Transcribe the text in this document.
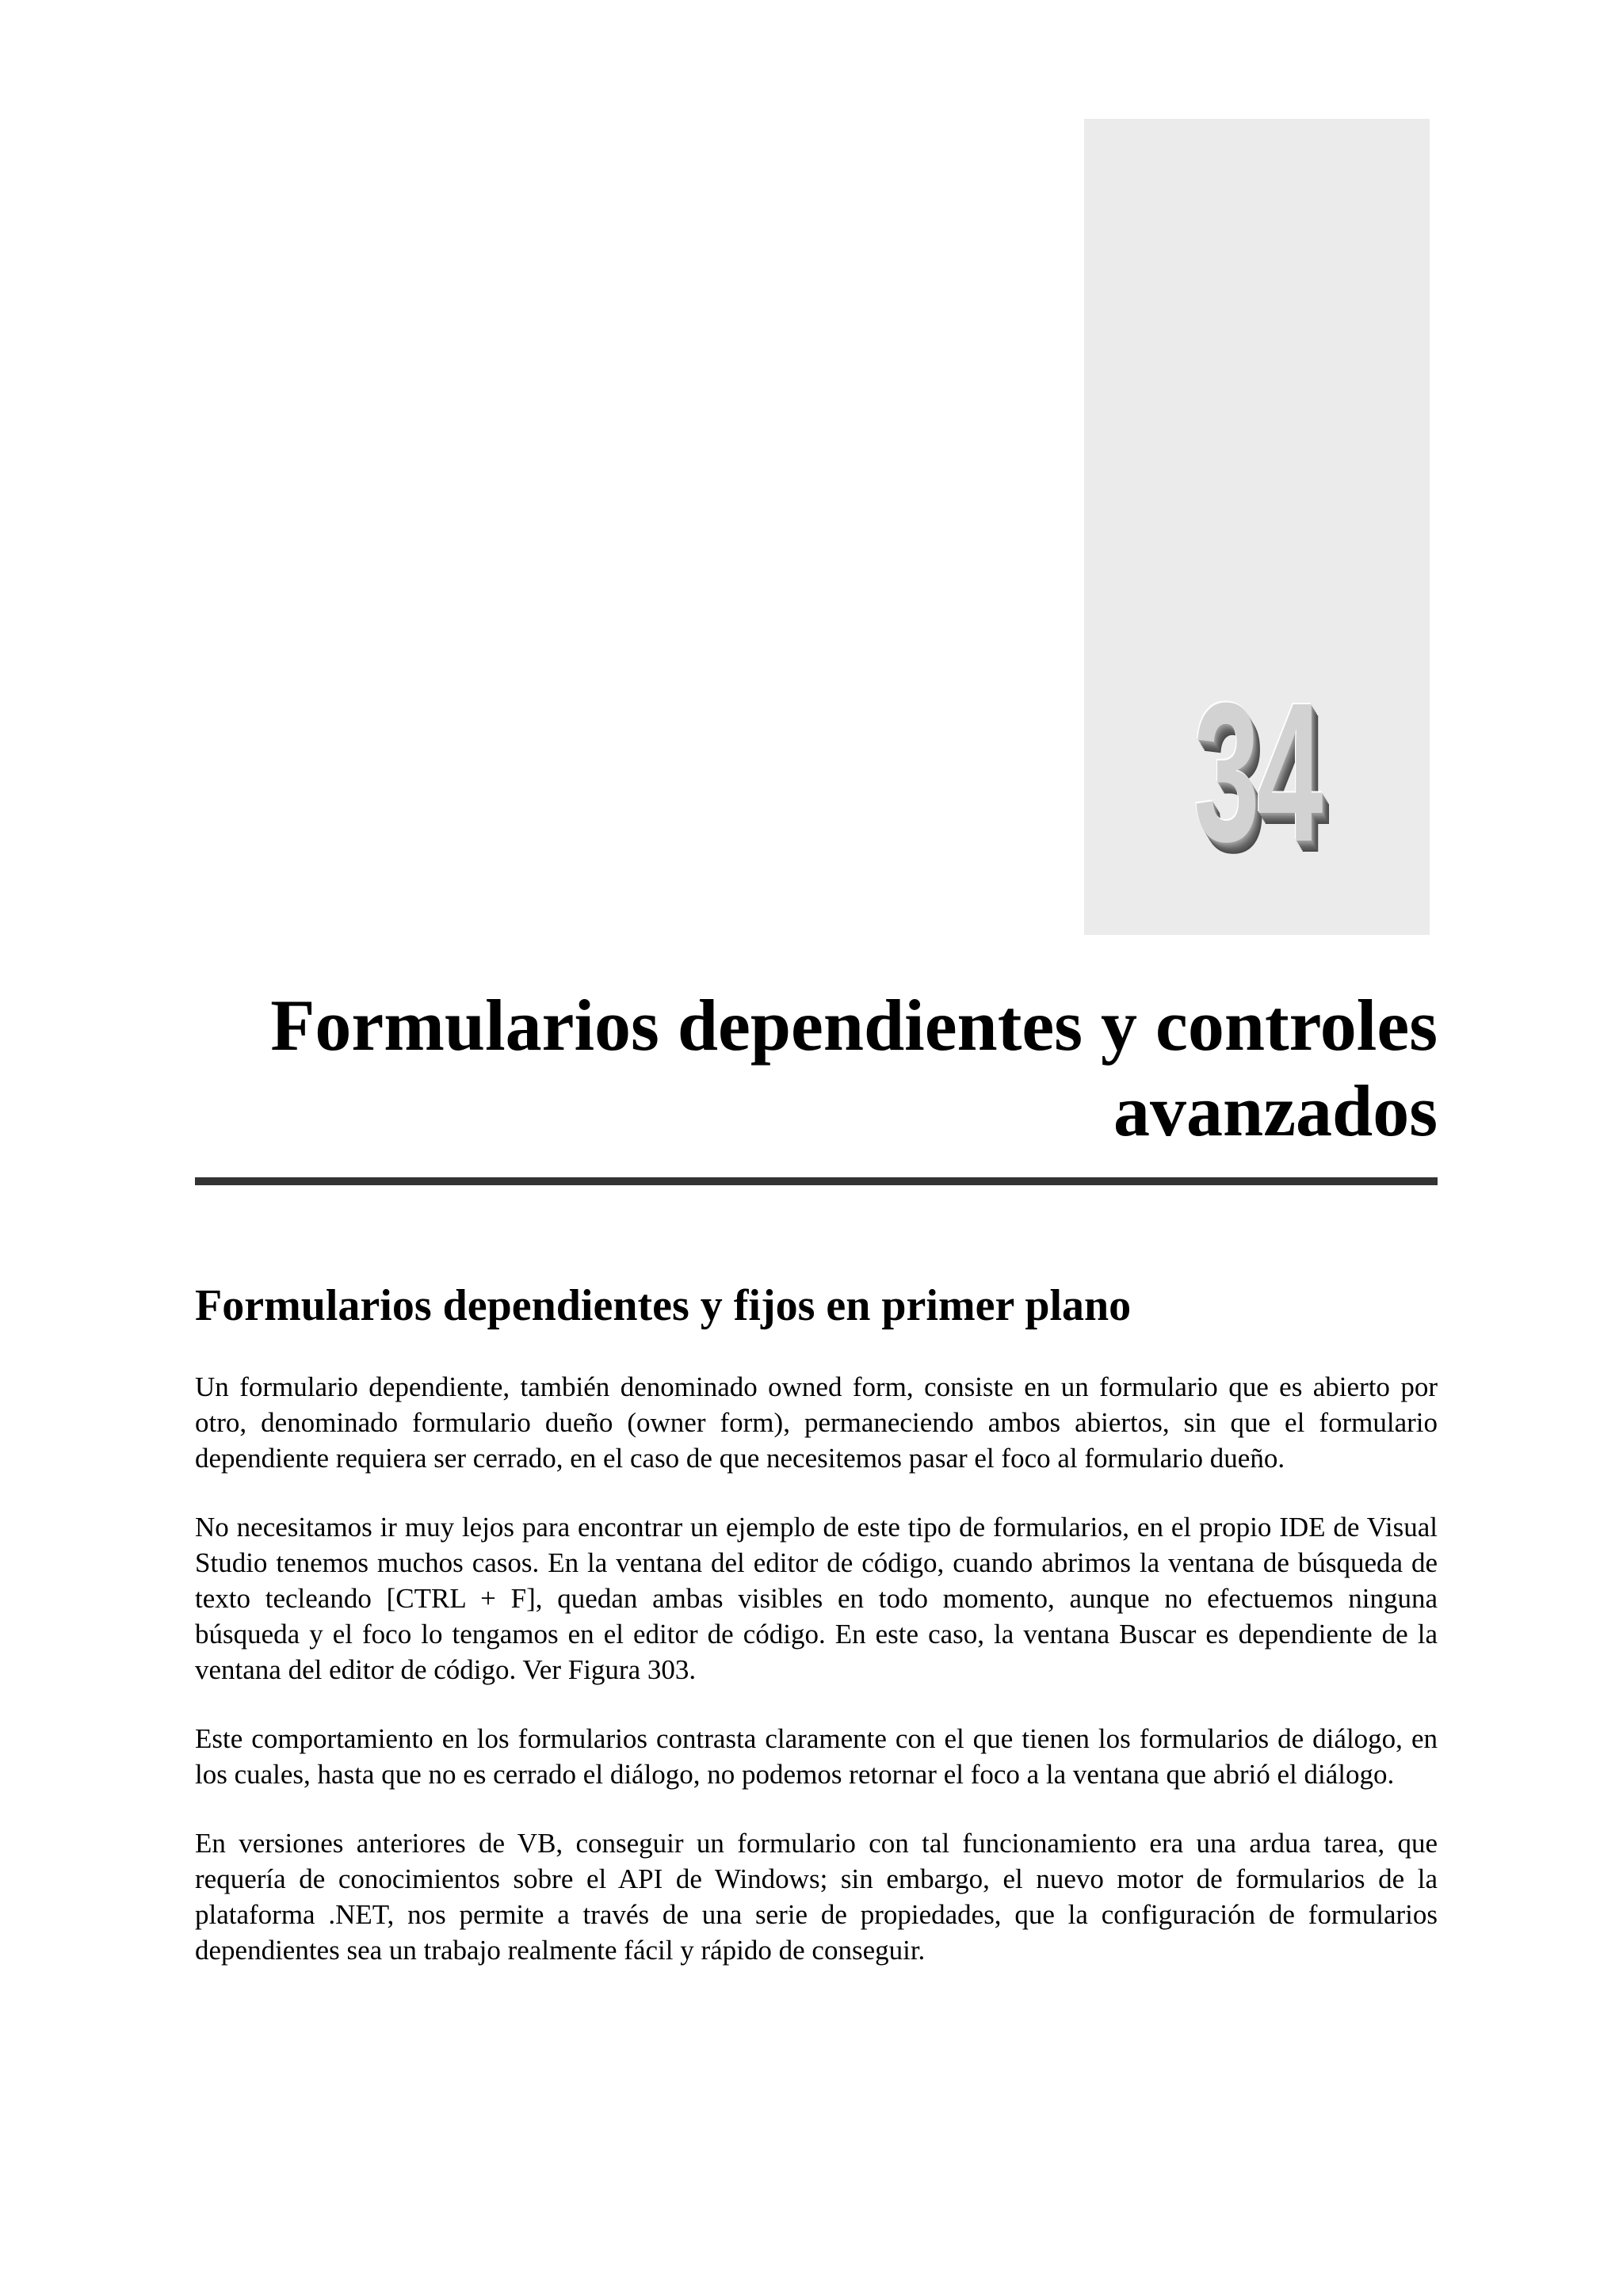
34
Formularios dependientes y controles avanzados
Formularios dependientes y fijos en primer plano

Un formulario dependiente, también denominado owned form, consiste en un formulario que es abierto por otro, denominado formulario dueño (owner form), permaneciendo ambos abiertos, sin que el formulario dependiente requiera ser cerrado, en el caso de que necesitemos pasar el foco al formulario dueño.

No necesitamos ir muy lejos para encontrar un ejemplo de este tipo de formularios, en el propio IDE de Visual Studio tenemos muchos casos. En la ventana del editor de código, cuando abrimos la ventana de búsqueda de texto tecleando [CTRL + F], quedan ambas visibles en todo momento, aunque no efectuemos ninguna búsqueda y el foco lo tengamos en el editor de código. En este caso, la ventana Buscar es dependiente de la ventana del editor de código. Ver Figura 303.

Este comportamiento en los formularios contrasta claramente con el que tienen los formularios de diálogo, en los cuales, hasta que no es cerrado el diálogo, no podemos retornar el foco a la ventana que abrió el diálogo.

En versiones anteriores de VB, conseguir un formulario con tal funcionamiento era una ardua tarea, que requería de conocimientos sobre el API de Windows; sin embargo, el nuevo motor de formularios de la plataforma .NET, nos permite a través de una serie de propiedades, que la configuración de formularios dependientes sea un trabajo realmente fácil y rápido de conseguir.
